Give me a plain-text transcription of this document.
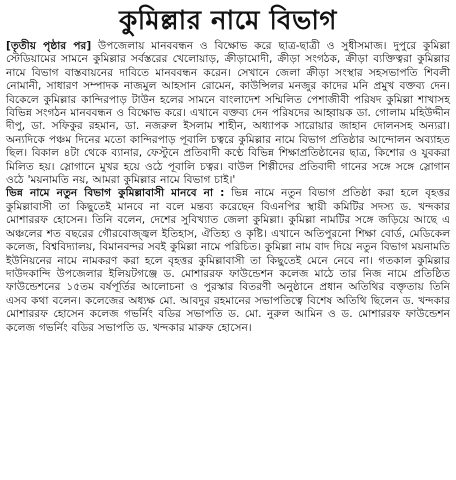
কুমিল্লার নামে বিভাগ

[তৃতীয় পৃষ্ঠার পর] উপজেলায় মানববন্ধন ও বিক্ষোভ করে ছাত্র-ছাত্রী ও সুধীসমাজ। দুপুরে কুমিল্লা স্টেডিয়ামের সামনে কুমিল্লার সর্বস্তরের খেলোয়াড়, ক্রীড়ামোদী, ক্রীড়া সংগঠক, ক্রীড়া ব্যক্তিত্বরা কুমিল্লার নামে বিভাগ বাস্তবায়নের দাবিতে মানববন্ধন করেন। সেখানে জেলা ক্রীড়া সংস্থার সহসভাপতি শিবলী নোমানী, সাধারণ সম্পাদক নাজমুল আহসান রোমেন, কাউন্সিলর মনজুর কাদের মনি প্রমুখ বক্তব্য দেন। বিকেলে কুমিল্লার কান্দিরপাড় টাউন হলের সামনে বাংলাদেশ সম্মিলিত পেশাজীবী পরিষদ কুমিল্লা শাখাসহ বিভিন্ন সংগঠন মানববন্ধন ও বিক্ষোভ করে। এখানে বক্তব্য দেন পরিষদের আহ্বায়ক ডা. গোলাম মহিউদ্দীন দীপু, ডা. সফিকুর রহমান, ডা. নজরুল ইসলাম শাহীন, অধ্যাপক সারোয়ার জাহান দোলনসহ অন্যরা। অন্যদিকে পঞ্চম দিনের মতো কান্দিরপাড় পূবালি চত্বরে কুমিল্লার নামে বিভাগ প্রতিষ্ঠার আন্দোলন অব্যাহত ছিল। বিকাল ৪টা থেকে ব্যানার, ফেস্টুনে প্রতিবাদী কণ্ঠে বিভিন্ন শিক্ষাপ্রতিষ্ঠানের ছাত্র, কিশোর ও যুবকরা মিলিত হয়। স্লোগানে মুখর হয়ে ওঠে পূবালি চত্বর। বাউল শিল্পীদের প্রতিবাদী গানের সঙ্গে সঙ্গে স্লোগান ওঠে 'ময়নামতি নয়, আমরা কুমিল্লার নামে বিভাগ চাই।'

ভিন্ন নামে নতুন বিভাগ কুমিল্লাবাসী মানবে না : ভিন্ন নামে নতুন বিভাগ প্রতিষ্ঠা করা হলে বৃহত্তর কুমিল্লাবাসী তা কিছুতেই মানবে না বলে মন্তব্য করেছেন বিএনপির স্থায়ী কমিটির সদস্য ড. খন্দকার মোশাররফ হোসেন। তিনি বলেন, দেশের সুবিখ্যাত জেলা কুমিল্লা। কুমিল্লা নামটির সঙ্গে জড়িয়ে আছে এ অঞ্চলের শত বছরের গৌরবোজ্জ্বল ইতিহাস, ঐতিহ্য ও কৃষ্টি। এখানে অতিপুরনো শিক্ষা বোর্ড, মেডিকেল কলেজ, বিশ্ববিদ্যালয়, বিমানবন্দর সবই কুমিল্লা নামে পরিচিত। কুমিল্লা নাম বাদ দিয়ে নতুন বিভাগ ময়নামতি ইউনিয়নের নামে নামকরণ করা হলে বৃহত্তর কুমিল্লাবাসী তা কিছুতেই মেনে নেবে না। গতকাল কুমিল্লার দাউদকান্দি উপজেলার ইলিয়টগঞ্জে ড. মোশাররফ ফাউন্ডেশন কলেজ মাঠে তার নিজ নামে প্রতিষ্ঠিত ফাউন্ডেশনের ১৫তম বর্ষপূর্তির আলোচনা ও পুরস্কার বিতরণী অনুষ্ঠানে প্রধান অতিথির বক্তৃতায় তিনি এসব কথা বলেন। কলেজের অধ্যক্ষ মো. আবদুর রহমানের সভাপতিত্বে বিশেষ অতিথি ছিলেন ড. খন্দকার মোশাররফ হোসেন কলেজ গভর্নিং বডির সভাপতি ড. মো. নুরুল আমিন ও ড. মোশাররফ ফাউন্ডেশন কলেজ গভর্নিং বডির সভাপতি ড. খন্দকার মারুফ হোসেন।
